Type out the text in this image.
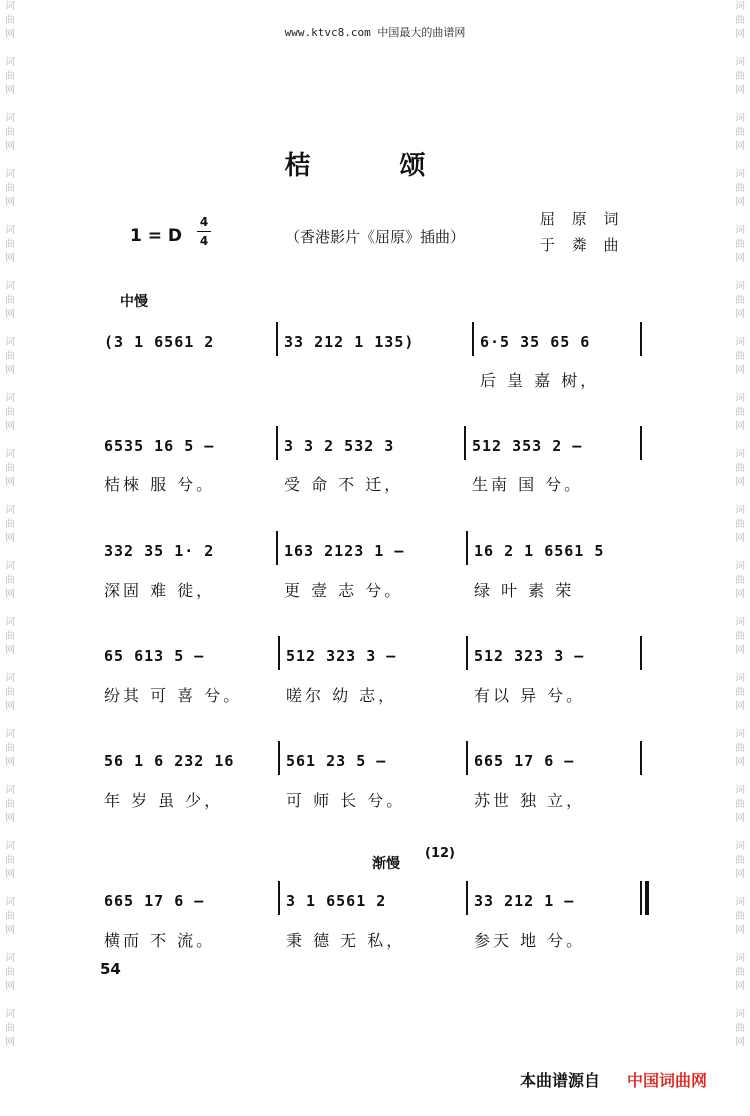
词
曲
网
词
曲
网
词
曲
网
词
曲
网
词
曲
网
词
曲
网
词
曲
网
词
曲
网
词
曲
网
词
曲
网
词
曲
网
词
曲
网
词
曲
网
词
曲
网
词
曲
网
词
曲
网
词
曲
网
词
曲
网
词
曲
网
词
曲
网
词
曲
网
词
曲
网
词
曲
网
词
曲
网
词
曲
网
词
曲
网
词
曲
网
词
曲
网
词
曲
网
词
曲
网
词
曲
网
词
曲
网
词
曲
网
词
曲
网
词
曲
网
词
曲
网
词
曲
网
词
曲
网
www.ktvc8.com 中国最大的曲谱网
桔 颂
1 = D
4
4	（香港影片《屈原》插曲）
屈 原 词
于 粦 曲
中慢
渐慢
(12)
(3 1 6561 2	33 212 1 135)	6·5 35 65 6
后 皇 嘉 树，
6535 16 5 —	3 3 2 532 3	512 353 2 —
桔棶 服 兮。	受 命 不 迁，	生南 国 兮。
332 35 1· 2	163 2123 1 —	16 2 1 6561 5
深固 难 徙，	更 壹 志 兮。	绿 叶 素 荣
65 613 5 —	512 323 3 —	512 323 3 —
纷其 可 喜 兮。	嗟尔 幼 志，	有以 异 兮。
56 1 6 232 16	561 23 5 —	665 17 6 —
年 岁 虽 少，	可 师 长 兮。	苏世 独 立，
665 17 6 —	3 1 6561 2	33 212 1 —
横而 不 流。	秉 德 无 私，	参天 地 兮。
54
本曲谱源自 中国词曲网
